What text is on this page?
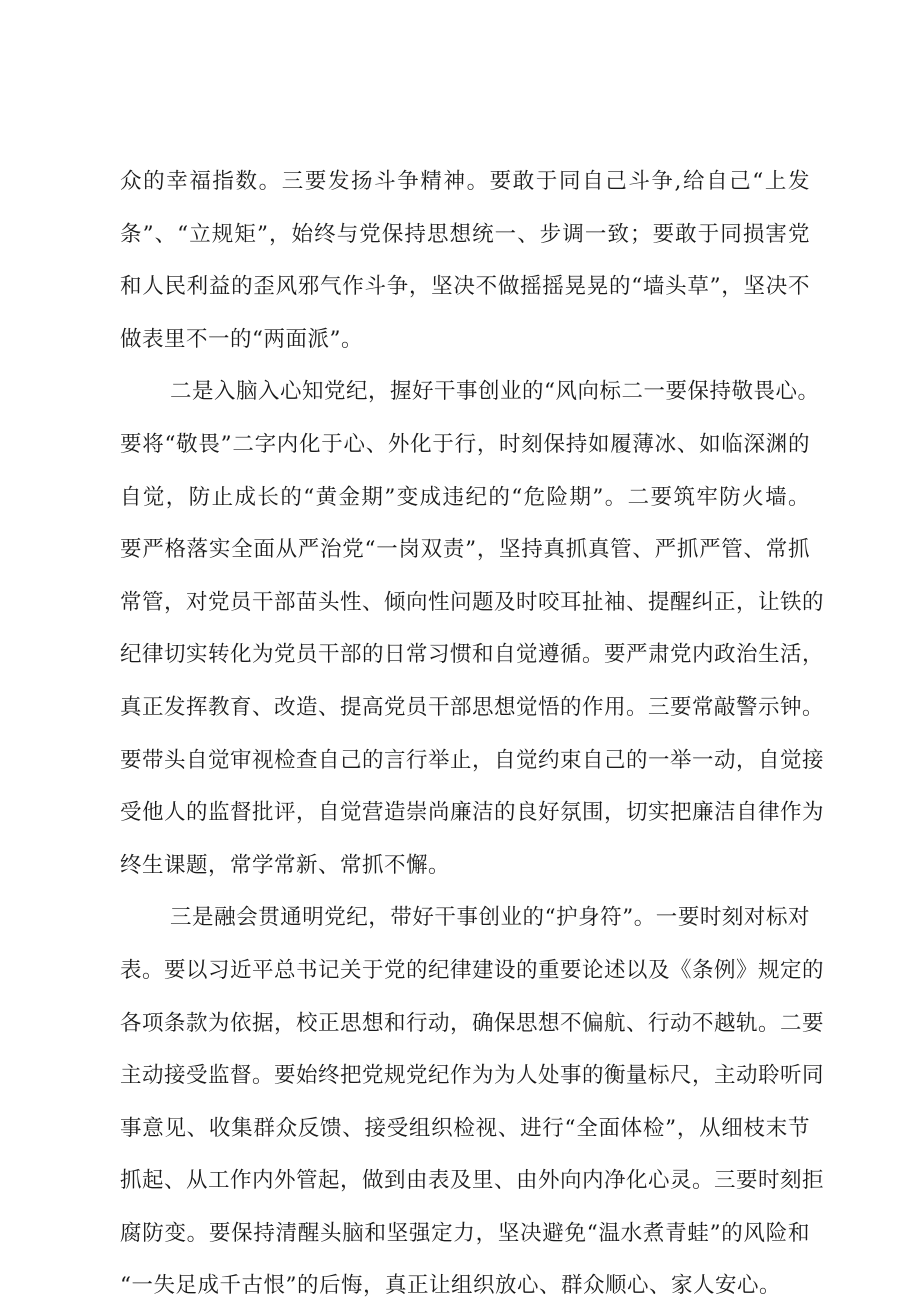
众的幸福指数。三要发扬斗争精神。要敢于同自己斗争,给自己“上发
条”、“立规矩”，始终与党保持思想统一、步调一致；要敢于同损害党
和人民利益的歪风邪气作斗争，坚决不做摇摇晃晃的“墙头草”，坚决不
做表里不一的“两面派”。
二是入脑入心知党纪，握好干事创业的“风向标二一要保持敬畏心。
要将“敬畏”二字内化于心、外化于行，时刻保持如履薄冰、如临深渊的
自觉，防止成长的“黄金期”变成违纪的“危险期”。二要筑牢防火墙。
要严格落实全面从严治党“一岗双责”，坚持真抓真管、严抓严管、常抓
常管，对党员干部苗头性、倾向性问题及时咬耳扯袖、提醒纠正，让铁的
纪律切实转化为党员干部的日常习惯和自觉遵循。要严肃党内政治生活，
真正发挥教育、改造、提高党员干部思想觉悟的作用。三要常敲警示钟。
要带头自觉审视检查自己的言行举止，自觉约束自己的一举一动，自觉接
受他人的监督批评，自觉营造崇尚廉洁的良好氛围，切实把廉洁自律作为
终生课题，常学常新、常抓不懈。
三是融会贯通明党纪，带好干事创业的“护身符”。一要时刻对标对
表。要以习近平总书记关于党的纪律建设的重要论述以及《条例》规定的
各项条款为依据，校正思想和行动，确保思想不偏航、行动不越轨。二要
主动接受监督。要始终把党规党纪作为为人处事的衡量标尺，主动聆听同
事意见、收集群众反馈、接受组织检视、进行“全面体检”，从细枝末节
抓起、从工作内外管起，做到由表及里、由外向内净化心灵。三要时刻拒
腐防变。要保持清醒头脑和坚强定力，坚决避免“温水煮青蛙”的风险和
“一失足成千古恨”的后悔，真正让组织放心、群众顺心、家人安心。
